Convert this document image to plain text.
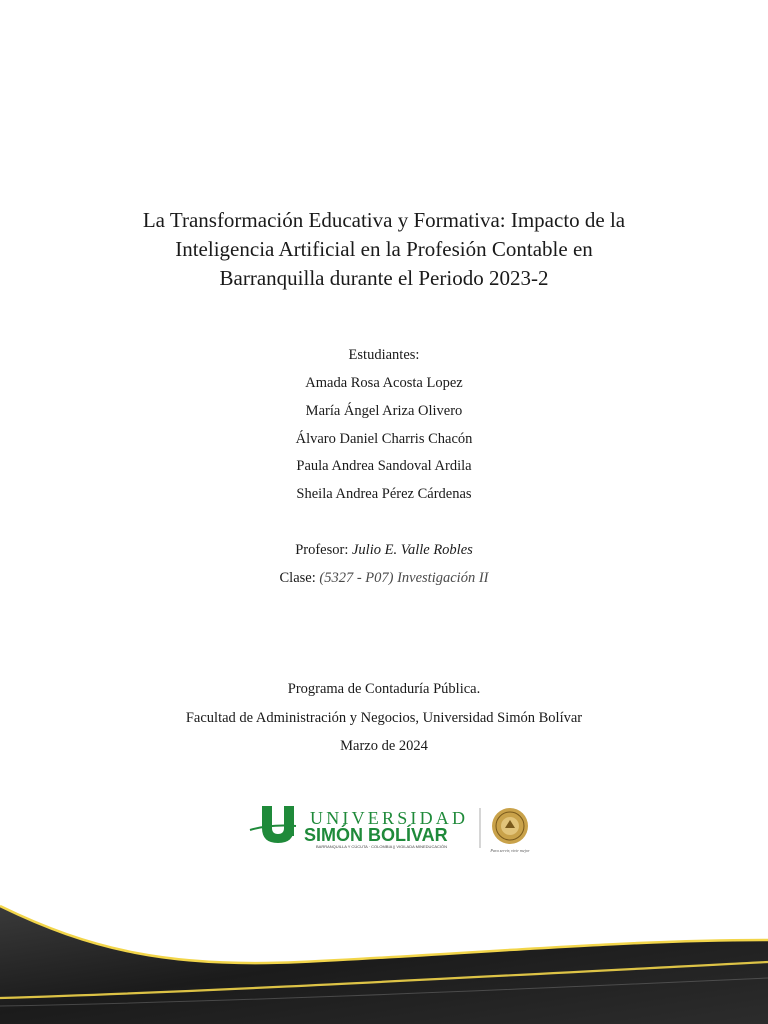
La Transformación Educativa y Formativa: Impacto de la
Inteligencia Artificial en la Profesión Contable en
Barranquilla durante el Periodo 2023-2

Estudiantes:

Amada Rosa Acosta Lopez

María Ángel Ariza Olivero

Álvaro Daniel Charris Chacón

Paula Andrea Sandoval Ardila

Sheila Andrea Pérez Cárdenas

Profesor: Julio E. Valle Robles

Clase: (5327 - P07) Investigación II

Programa de Contaduría Pública.

Facultad de Administración y Negocios, Universidad Simón Bolívar

Marzo de 2024

UNIVERSIDAD
SIMÓN BOLÍVAR
BARRANQUILLA Y CÚCUTA · COLOMBIA || VIGILADA MINEDUCACIÓN
Para servir, vivir mejor
